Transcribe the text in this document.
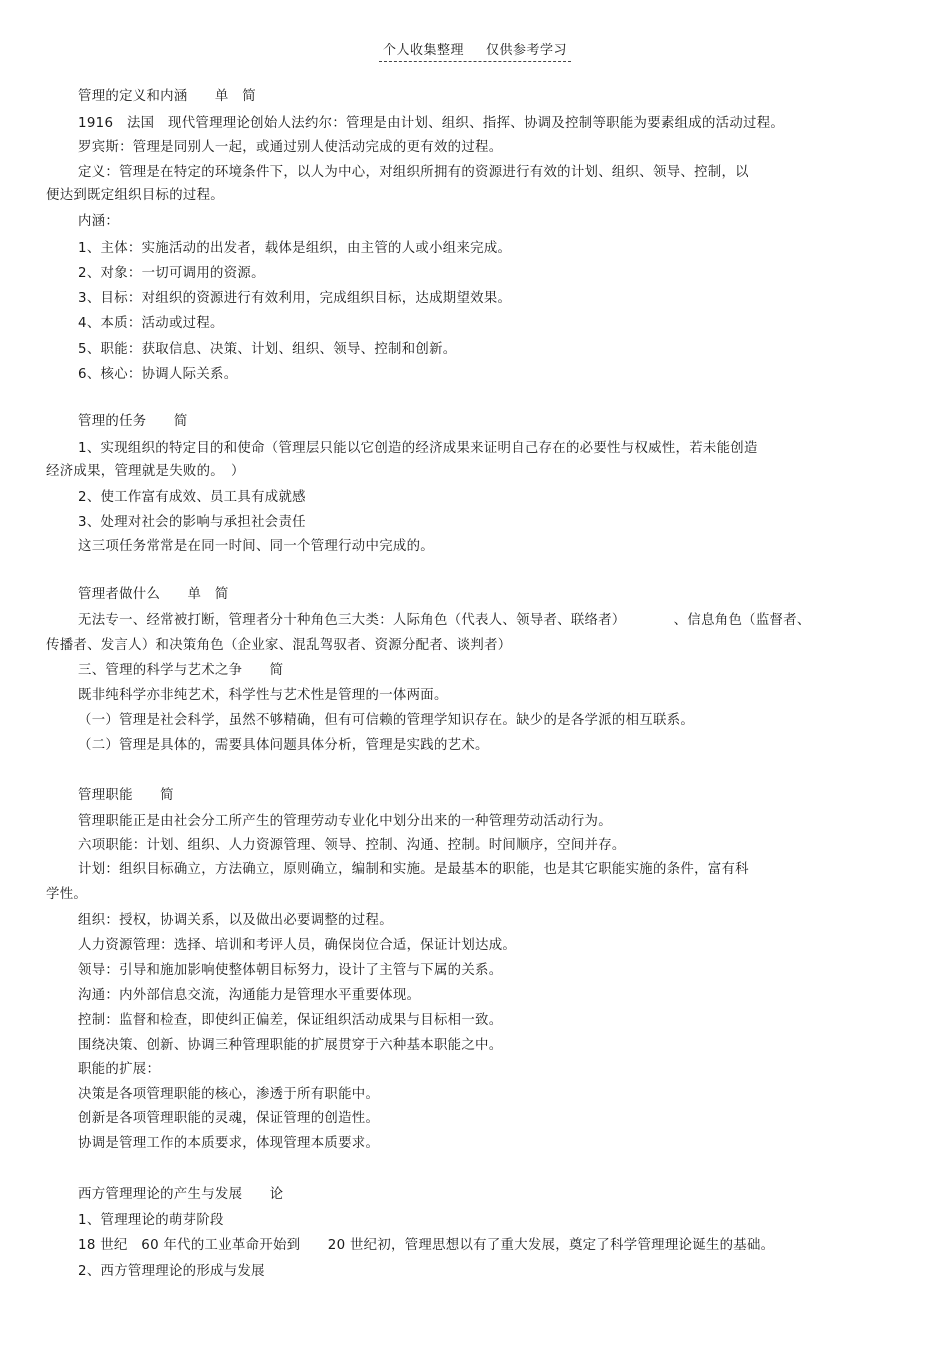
个人收集整理 仅供参考学习
管理的定义和内涵　　单　简
1916　法国　现代管理理论创始人法约尔：管理是由计划、组织、指挥、协调及控制等职能为要素组成的活动过程。
罗宾斯：管理是同别人一起，或通过别人使活动完成的更有效的过程。
定义：管理是在特定的环境条件下，以人为中心，对组织所拥有的资源进行有效的计划、组织、领导、控制，以
便达到既定组织目标的过程。
内涵：
1、主体：实施活动的出发者，载体是组织，由主管的人或小组来完成。
2、对象：一切可调用的资源。
3、目标：对组织的资源进行有效利用，完成组织目标，达成期望效果。
4、本质：活动或过程。
5、职能：获取信息、决策、计划、组织、领导、控制和创新。
6、核心：协调人际关系。
管理的任务　　简
1、实现组织的特定目的和使命（管理层只能以它创造的经济成果来证明自己存在的必要性与权威性，若未能创造
经济成果，管理就是失败的。　）
2、使工作富有成效、员工具有成就感
3、处理对社会的影响与承担社会责任
这三项任务常常是在同一时间、同一个管理行动中完成的。
管理者做什么　　单　简
无法专一、经常被打断，管理者分十种角色三大类：人际角色（代表人、领导者、联络者）　　　　、信息角色（监督者、
传播者、发言人）和决策角色（企业家、混乱驾驭者、资源分配者、谈判者）
三、管理的科学与艺术之争　　简
既非纯科学亦非纯艺术，科学性与艺术性是管理的一体两面。
（一）管理是社会科学，虽然不够精确，但有可信赖的管理学知识存在。缺少的是各学派的相互联系。
（二）管理是具体的，需要具体问题具体分析，管理是实践的艺术。
管理职能　　简
管理职能正是由社会分工所产生的管理劳动专业化中划分出来的一种管理劳动活动行为。
六项职能：计划、组织、人力资源管理、领导、控制、沟通、控制。时间顺序，空间并存。
计划：组织目标确立，方法确立，原则确立，编制和实施。是最基本的职能，也是其它职能实施的条件，富有科
学性。
组织：授权，协调关系，以及做出必要调整的过程。
人力资源管理：选择、培训和考评人员，确保岗位合适，保证计划达成。
领导：引导和施加影响使整体朝目标努力，设计了主管与下属的关系。
沟通：内外部信息交流，沟通能力是管理水平重要体现。
控制：监督和检查，即使纠正偏差，保证组织活动成果与目标相一致。
围绕决策、创新、协调三种管理职能的扩展贯穿于六种基本职能之中。
职能的扩展：
决策是各项管理职能的核心，渗透于所有职能中。
创新是各项管理职能的灵魂，保证管理的创造性。
协调是管理工作的本质要求，体现管理本质要求。
西方管理理论的产生与发展　　论
1、管理理论的萌芽阶段
18 世纪　60 年代的工业革命开始到　　20 世纪初，管理思想以有了重大发展，奠定了科学管理理论诞生的基础。
2、西方管理理论的形成与发展
